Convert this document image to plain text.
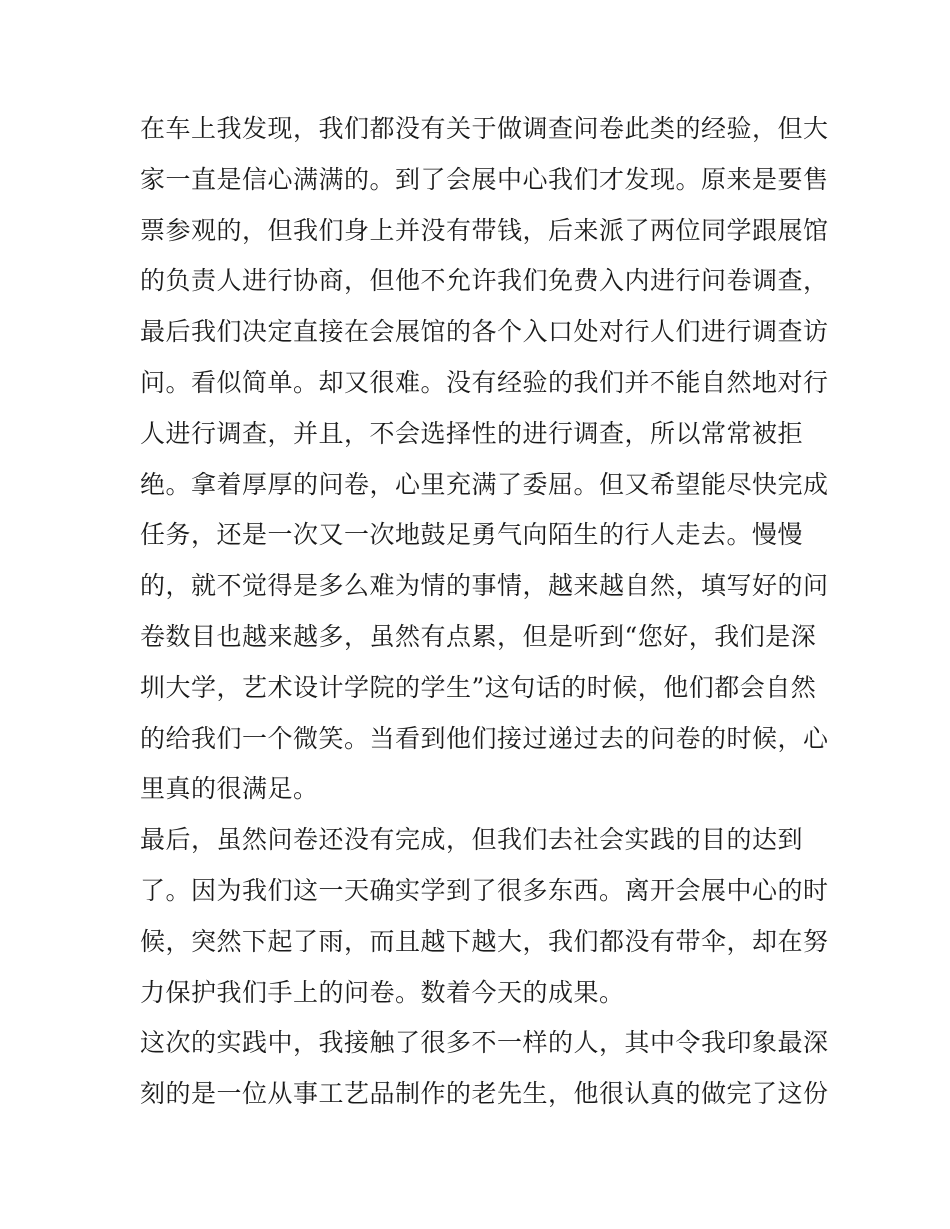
在车上我发现，我们都没有关于做调查问卷此类的经验，但大
家一直是信心满满的。到了会展中心我们才发现。原来是要售
票参观的，但我们身上并没有带钱，后来派了两位同学跟展馆
的负责人进行协商，但他不允许我们免费入内进行问卷调查，
最后我们决定直接在会展馆的各个入口处对行人们进行调查访
问。看似简单。却又很难。没有经验的我们并不能自然地对行
人进行调查，并且，不会选择性的进行调查，所以常常被拒
绝。拿着厚厚的问卷，心里充满了委屈。但又希望能尽快完成
任务，还是一次又一次地鼓足勇气向陌生的行人走去。慢慢
的，就不觉得是多么难为情的事情，越来越自然，填写好的问
卷数目也越来越多，虽然有点累，但是听到“您好，我们是深
圳大学，艺术设计学院的学生”这句话的时候，他们都会自然
的给我们一个微笑。当看到他们接过递过去的问卷的时候，心
里真的很满足。
最后，虽然问卷还没有完成，但我们去社会实践的目的达到
了。因为我们这一天确实学到了很多东西。离开会展中心的时
候，突然下起了雨，而且越下越大，我们都没有带伞，却在努
力保护我们手上的问卷。数着今天的成果。
这次的实践中，我接触了很多不一样的人，其中令我印象最深
刻的是一位从事工艺品制作的老先生，他很认真的做完了这份
